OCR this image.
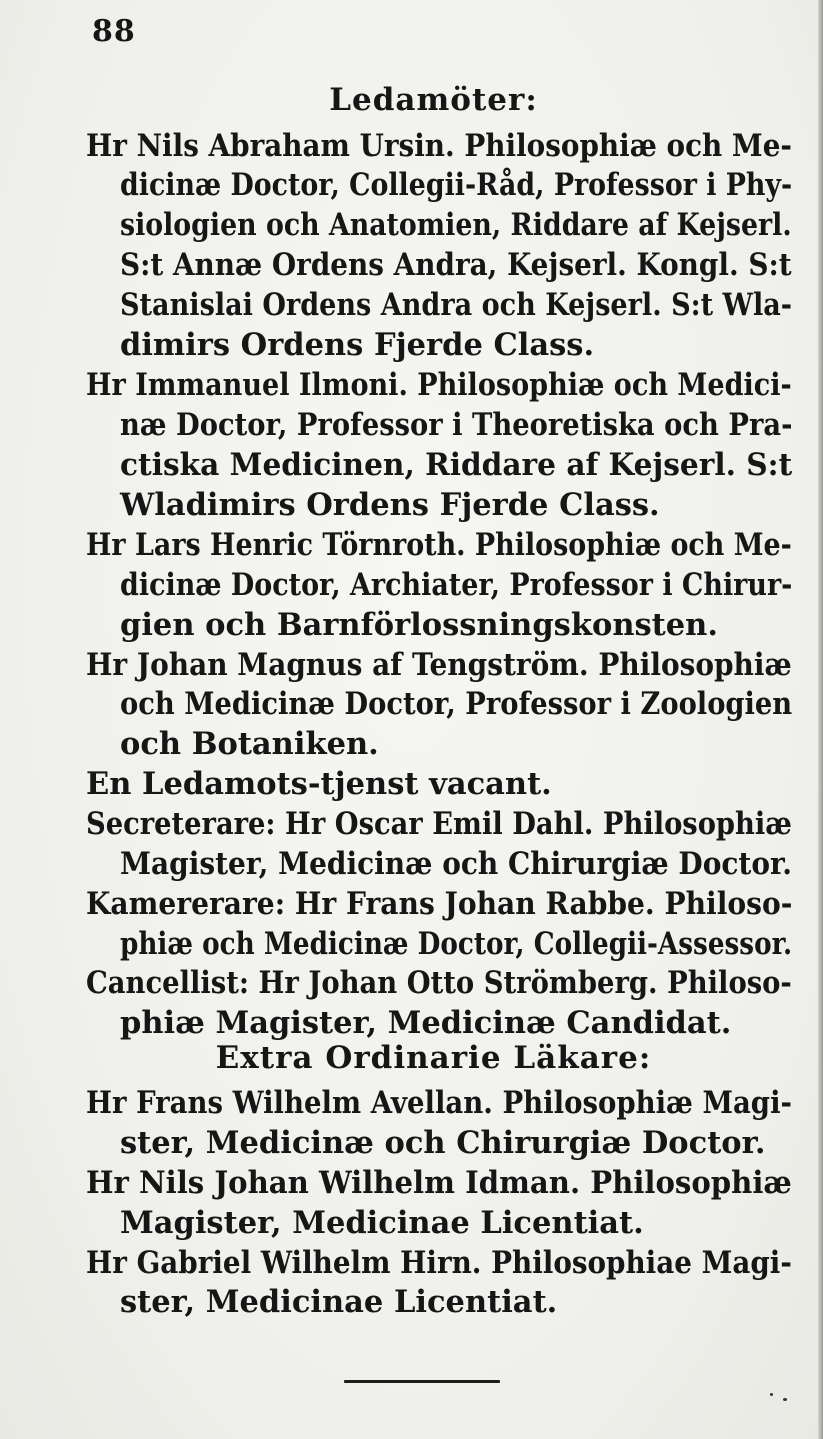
88
Ledamöter:
Hr Nils Abraham Ursin. Philosophiæ och Me-
dicinæ Doctor, Collegii-Råd, Professor i Phy-
siologien och Anatomien, Riddare af Kejserl.
S:t Annæ Ordens Andra, Kejserl. Kongl. S:t
Stanislai Ordens Andra och Kejserl. S:t Wla-
dimirs Ordens Fjerde Class.
Hr Immanuel Ilmoni. Philosophiæ och Medici-
næ Doctor, Professor i Theoretiska och Pra-
ctiska Medicinen, Riddare af Kejserl. S:t
Wladimirs Ordens Fjerde Class.
Hr Lars Henric Törnroth. Philosophiæ och Me-
dicinæ Doctor, Archiater, Professor i Chirur-
gien och Barnförlossningskonsten.
Hr Johan Magnus af Tengström. Philosophiæ
och Medicinæ Doctor, Professor i Zoologien
och Botaniken.
En Ledamots-tjenst vacant.
Secreterare: Hr Oscar Emil Dahl. Philosophiæ
Magister, Medicinæ och Chirurgiæ Doctor.
Kamererare: Hr Frans Johan Rabbe. Philoso-
phiæ och Medicinæ Doctor, Collegii-Assessor.
Cancellist: Hr Johan Otto Strömberg. Philoso-
phiæ Magister, Medicinæ Candidat.
Extra Ordinarie Läkare:
Hr Frans Wilhelm Avellan. Philosophiæ Magi-
ster, Medicinæ och Chirurgiæ Doctor.
Hr Nils Johan Wilhelm Idman. Philosophiæ
Magister, Medicinae Licentiat.
Hr Gabriel Wilhelm Hirn. Philosophiae Magi-
ster, Medicinae Licentiat.
